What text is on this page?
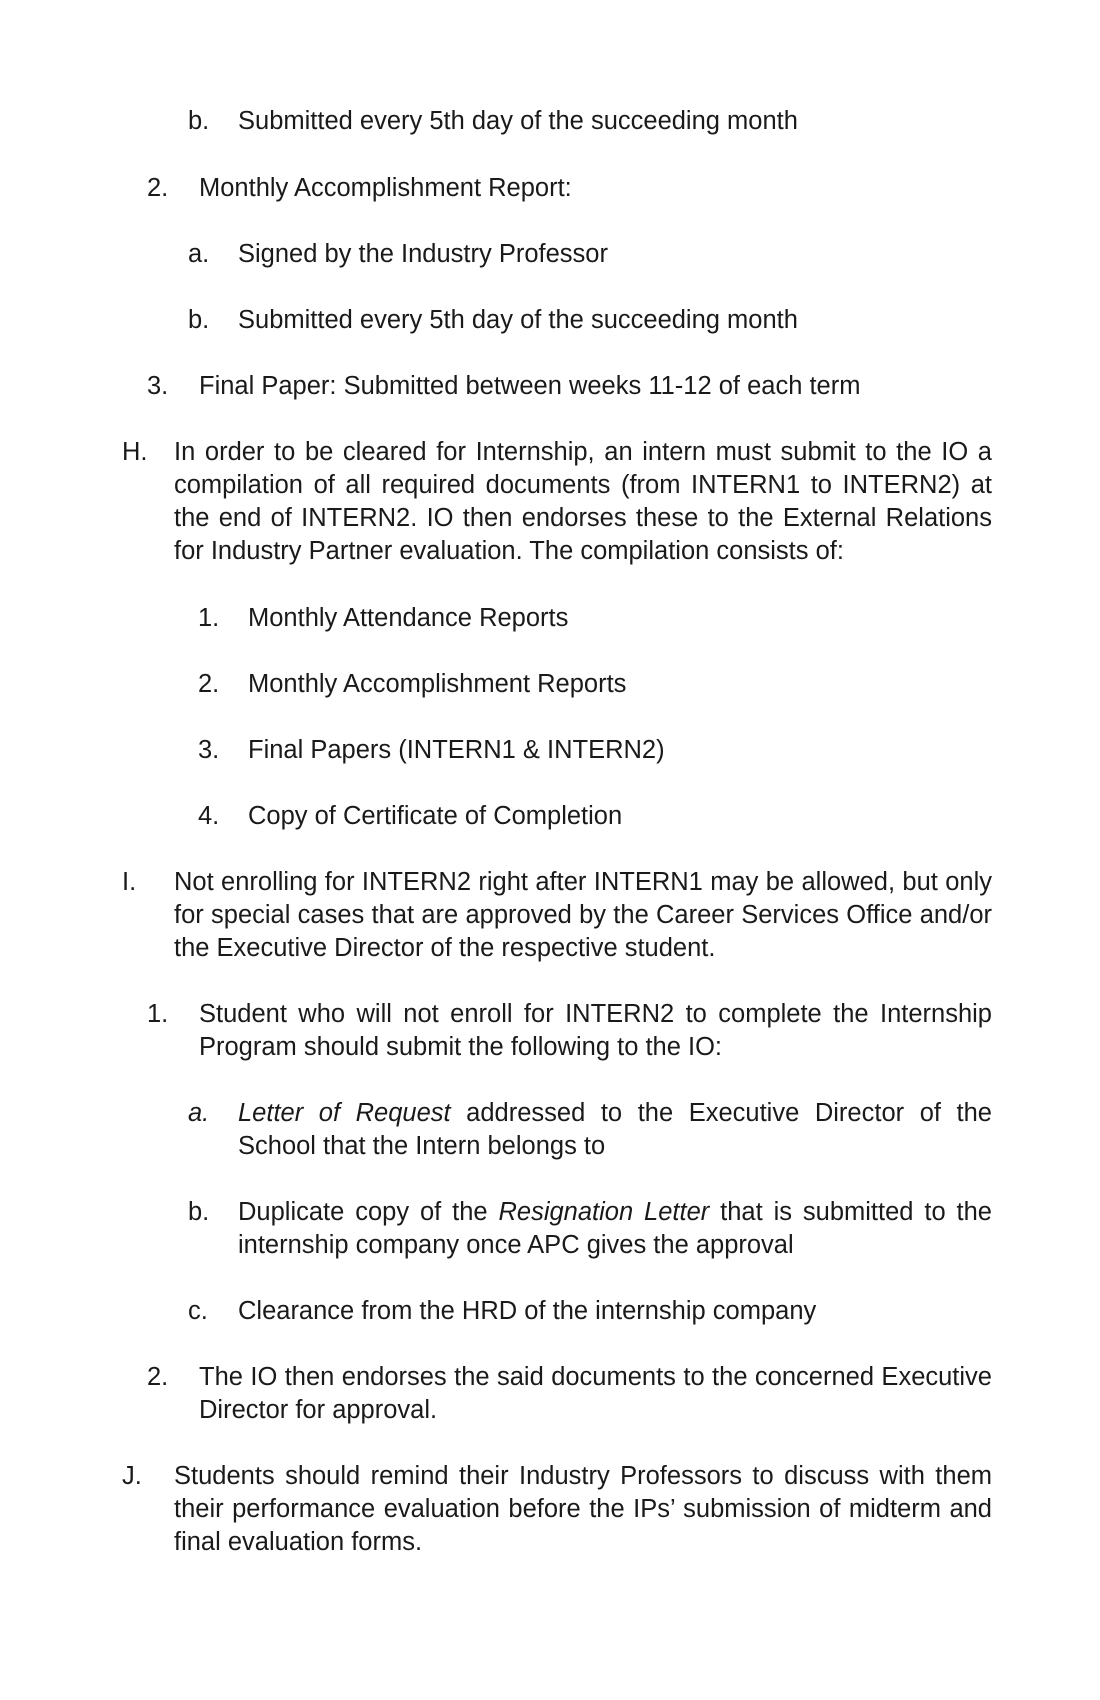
b.	Submitted every 5th day of the succeeding month
2.	Monthly Accomplishment Report:
a.	Signed by the Industry Professor
b.	Submitted every 5th day of the succeeding month
3.	Final Paper: Submitted between weeks 11-12 of each term
H.	In order to be cleared for Internship, an intern must submit to the IO a compilation of all required documents (from INTERN1 to INTERN2) at the end of INTERN2. IO then endorses these to the External Relations for Industry Partner evaluation. The compilation consists of:
1.	Monthly Attendance Reports
2.	Monthly Accomplishment Reports
3.	Final Papers (INTERN1 & INTERN2)
4.	Copy of Certificate of Completion
I.	Not enrolling for INTERN2 right after INTERN1 may be allowed, but only for special cases that are approved by the Career Services Office and/or the Executive Director of the respective student.
1.	Student who will not enroll for INTERN2 to complete the Internship Program should submit the following to the IO:
a.	Letter of Request addressed to the Executive Director of the School that the Intern belongs to
b.	Duplicate copy of the Resignation Letter that is submitted to the internship company once APC gives the approval
c.	Clearance from the HRD of the internship company
2.	The IO then endorses the said documents to the concerned Executive Director for approval.
J.	Students should remind their Industry Professors to discuss with them their performance evaluation before the IPs’ submission of midterm and final evaluation forms.
